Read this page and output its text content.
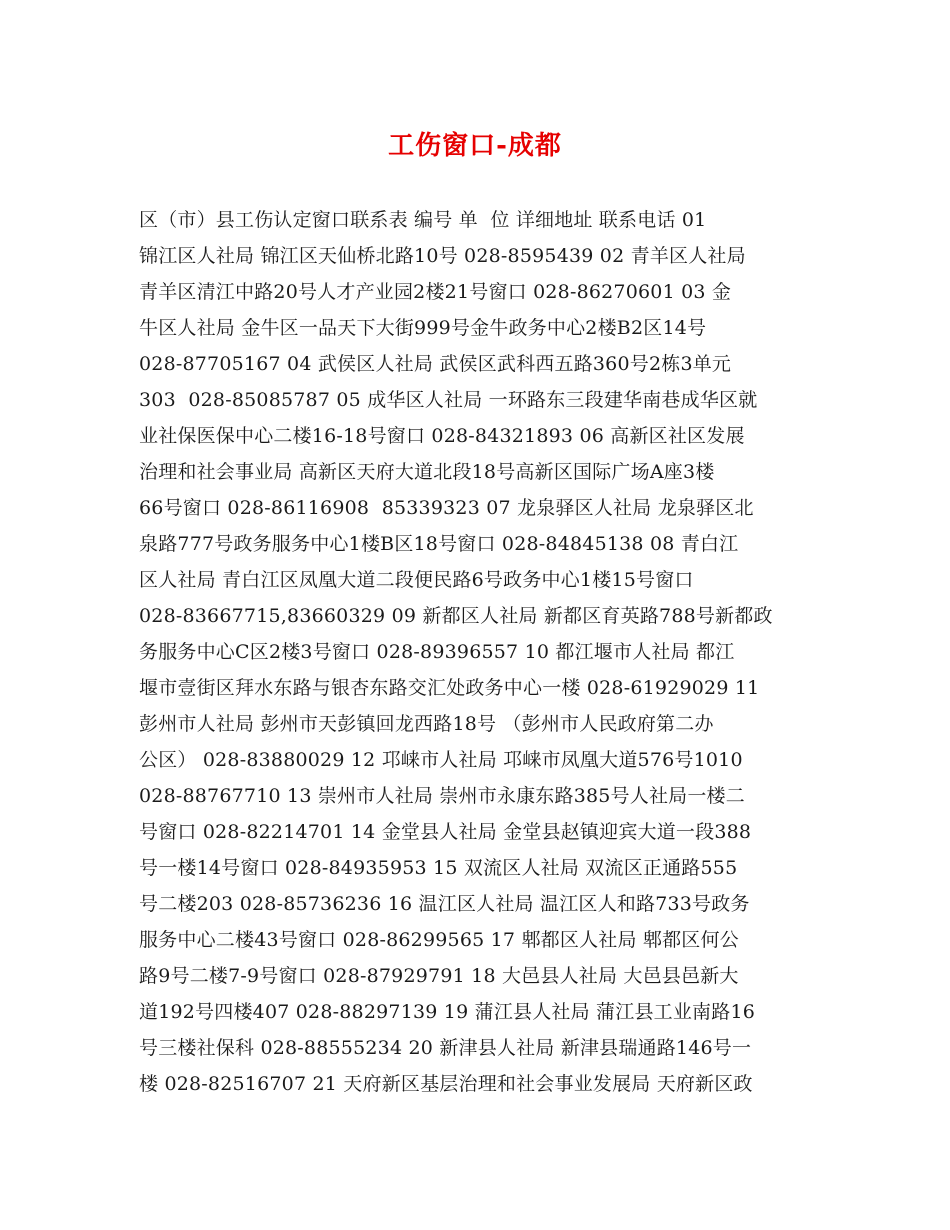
工伤窗口-成都
区（市）县工伤认定窗口联系表 编号 单  位 详细地址 联系电话 01
锦江区人社局 锦江区天仙桥北路10号 028-8595439 02 青羊区人社局
青羊区清江中路20号人才产业园2楼21号窗口 028-86270601 03 金
牛区人社局 金牛区一品天下大街999号金牛政务中心2楼B2区14号
028-87705167 04 武侯区人社局 武侯区武科西五路360号2栋3单元
303  028-85085787 05 成华区人社局 一环路东三段建华南巷成华区就
业社保医保中心二楼16-18号窗口 028-84321893 06 高新区社区发展
治理和社会事业局 高新区天府大道北段18号高新区国际广场A座3楼
66号窗口 028-86116908  85339323 07 龙泉驿区人社局 龙泉驿区北
泉路777号政务服务中心1楼B区18号窗口 028-84845138 08 青白江
区人社局 青白江区凤凰大道二段便民路6号政务中心1楼15号窗口
028-83667715,83660329 09 新都区人社局 新都区育英路788号新都政
务服务中心C区2楼3号窗口 028-89396557 10 都江堰市人社局 都江
堰市壹街区拜水东路与银杏东路交汇处政务中心一楼 028-61929029 11
彭州市人社局 彭州市天彭镇回龙西路18号 （彭州市人民政府第二办
公区） 028-83880029 12 邛崃市人社局 邛崃市凤凰大道576号1010
028-88767710 13 崇州市人社局 崇州市永康东路385号人社局一楼二
号窗口 028-82214701 14 金堂县人社局 金堂县赵镇迎宾大道一段388
号一楼14号窗口 028-84935953 15 双流区人社局 双流区正通路555
号二楼203 028-85736236 16 温江区人社局 温江区人和路733号政务
服务中心二楼43号窗口 028-86299565 17 郫都区人社局 郫都区何公
路9号二楼7-9号窗口 028-87929791 18 大邑县人社局 大邑县邑新大
道192号四楼407 028-88297139 19 蒲江县人社局 蒲江县工业南路16
号三楼社保科 028-88555234 20 新津县人社局 新津县瑞通路146号一
楼 028-82516707 21 天府新区基层治理和社会事业发展局 天府新区政
